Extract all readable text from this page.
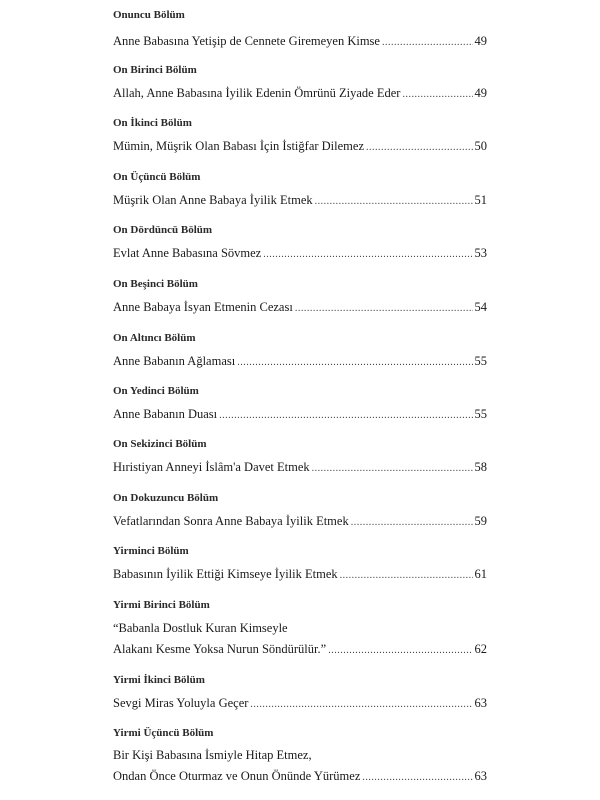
Onuncu Bölüm
Anne Babasına Yetişip de Cennete Giremeyen Kimse .....	49
On Birinci Bölüm
Allah, Anne Babasına İyilik Edenin Ömrünü Ziyade Eder .....	49
On İkinci Bölüm
Mümin, Müşrik Olan Babası İçin İstiğfar Dilemez .....	50
On Üçüncü Bölüm
Müşrik Olan Anne Babaya İyilik Etmek .....	51
On Dördüncü Bölüm
Evlat Anne Babasına Sövmez .....	53
On Beşinci Bölüm
Anne Babaya İsyan Etmenin Cezası .....	54
On Altıncı Bölüm
Anne Babanın Ağlaması .....	55
On Yedinci Bölüm
Anne Babanın Duası .....	55
On Sekizinci Bölüm
Hıristiyan Anneyi İslâm'a Davet Etmek .....	58
On Dokuzuncu Bölüm
Vefatlarından Sonra Anne Babaya İyilik Etmek .....	59
Yirminci Bölüm
Babasının İyilik Ettiği Kimseye İyilik Etmek .....	61
Yirmi Birinci Bölüm
“Babanla Dostluk Kuran Kimseyle
Alakanı Kesme Yoksa Nurun Söndürülür.” .....	62
Yirmi İkinci Bölüm
Sevgi Miras Yoluyla Geçer .....	63
Yirmi Üçüncü Bölüm
Bir Kişi Babasına İsmiyle Hitap Etmez,
Ondan Önce Oturmaz ve Onun Önünde Yürümez .....	63
